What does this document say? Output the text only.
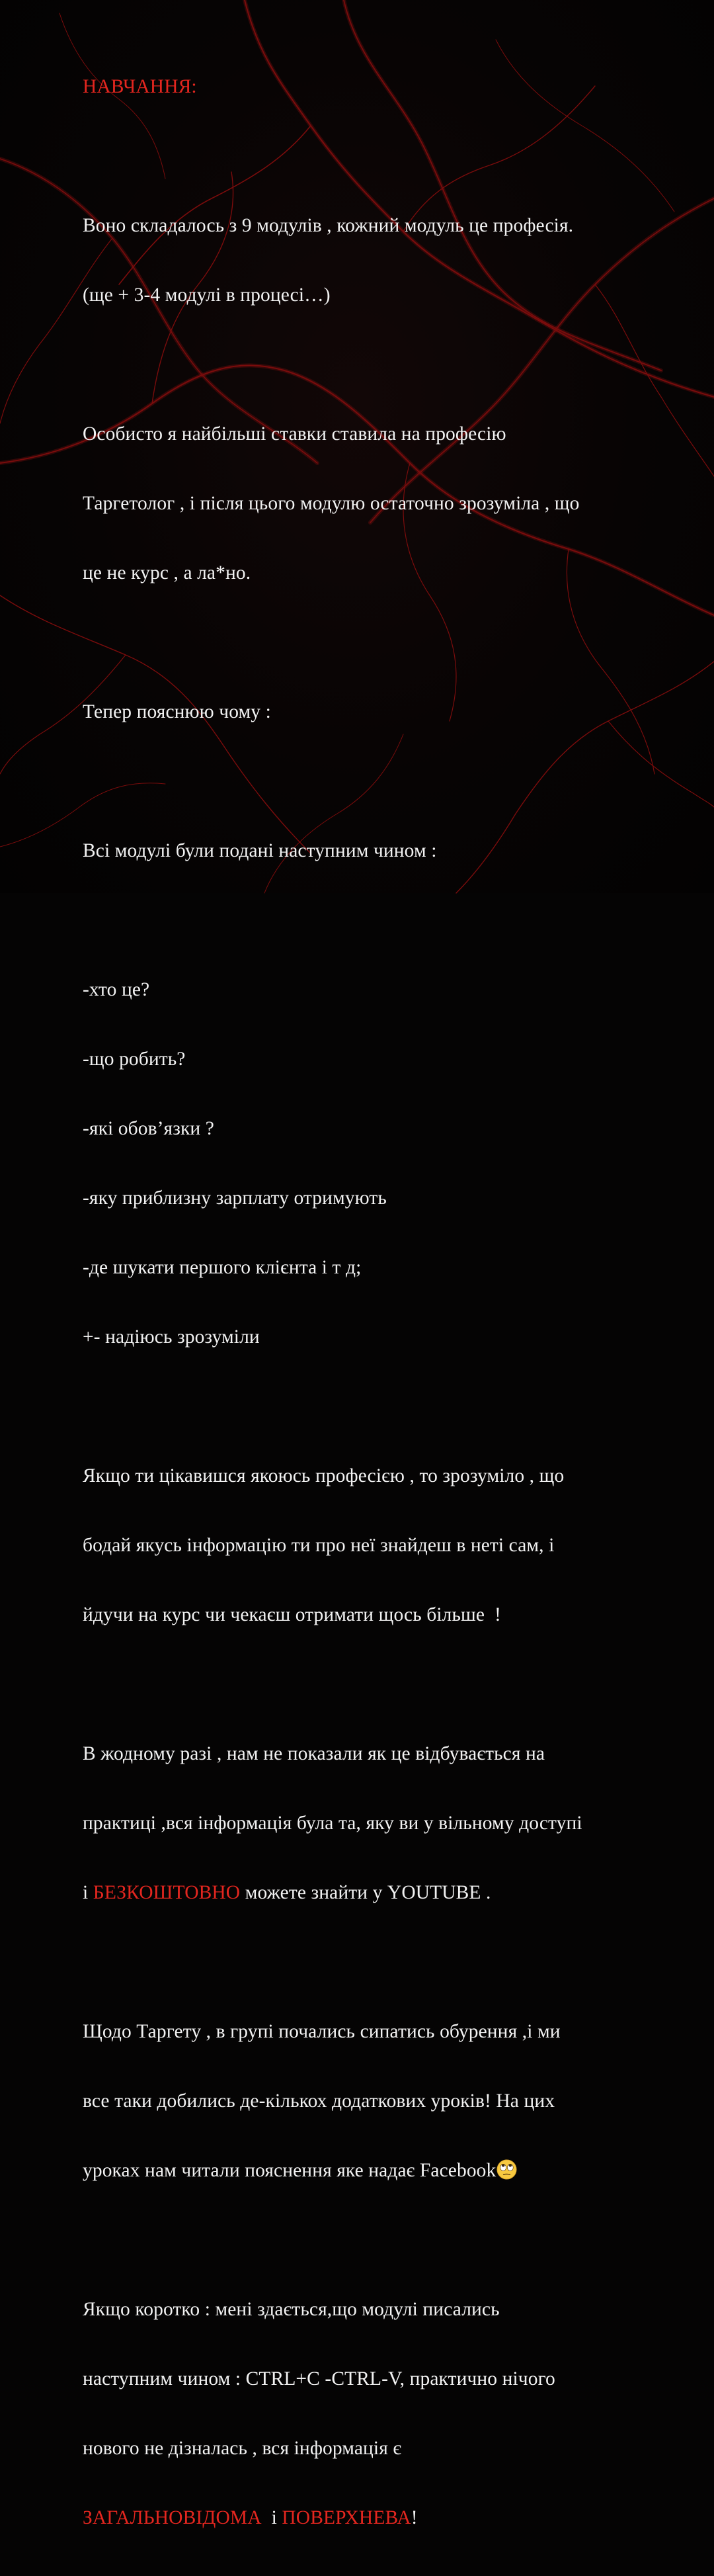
НАВЧАННЯ:

Воно складалось з 9 модулів , кожний модуль це професія.

(ще + 3-4 модулі в процесі…)

Особисто я найбільші ставки ставила на професію

Таргетолог , і після цього модулю остаточно зрозуміла , що

це не курс , а ла*но.

Тепер пояснюю чому :

Всі модулі були подані наступним чином :

-хто це?

-що робить?

-які обов’язки ?

-яку приблизну зарплату отримують

-де шукати першого клієнта і т д;

+- надіюсь зрозуміли

Якщо ти цікавишся якоюсь професією , то зрозуміло , що

бодай якусь інформацію ти про неї знайдеш в неті сам, і

йдучи на курс чи чекаєш отримати щось більше  !

В жодному разі , нам не показали як це відбувається на

практиці ,вся інформація була та, яку ви у вільному доступі

і БЕЗКОШТОВНО можете знайти у YOUTUBE .

Щодо Таргету , в групі почались сипатись обурення ,і ми

все таки добились де-кількох додаткових уроків! На цих

уроках нам читали пояснення яке надає Facebook

Якщо коротко : мені здається,що модулі писались

наступним чином : CTRL+C -CTRL-V, практично нічого

нового не дізналась , вся інформація є

ЗАГАЛЬНОВІДОМА  і ПОВЕРХНЕВА!
